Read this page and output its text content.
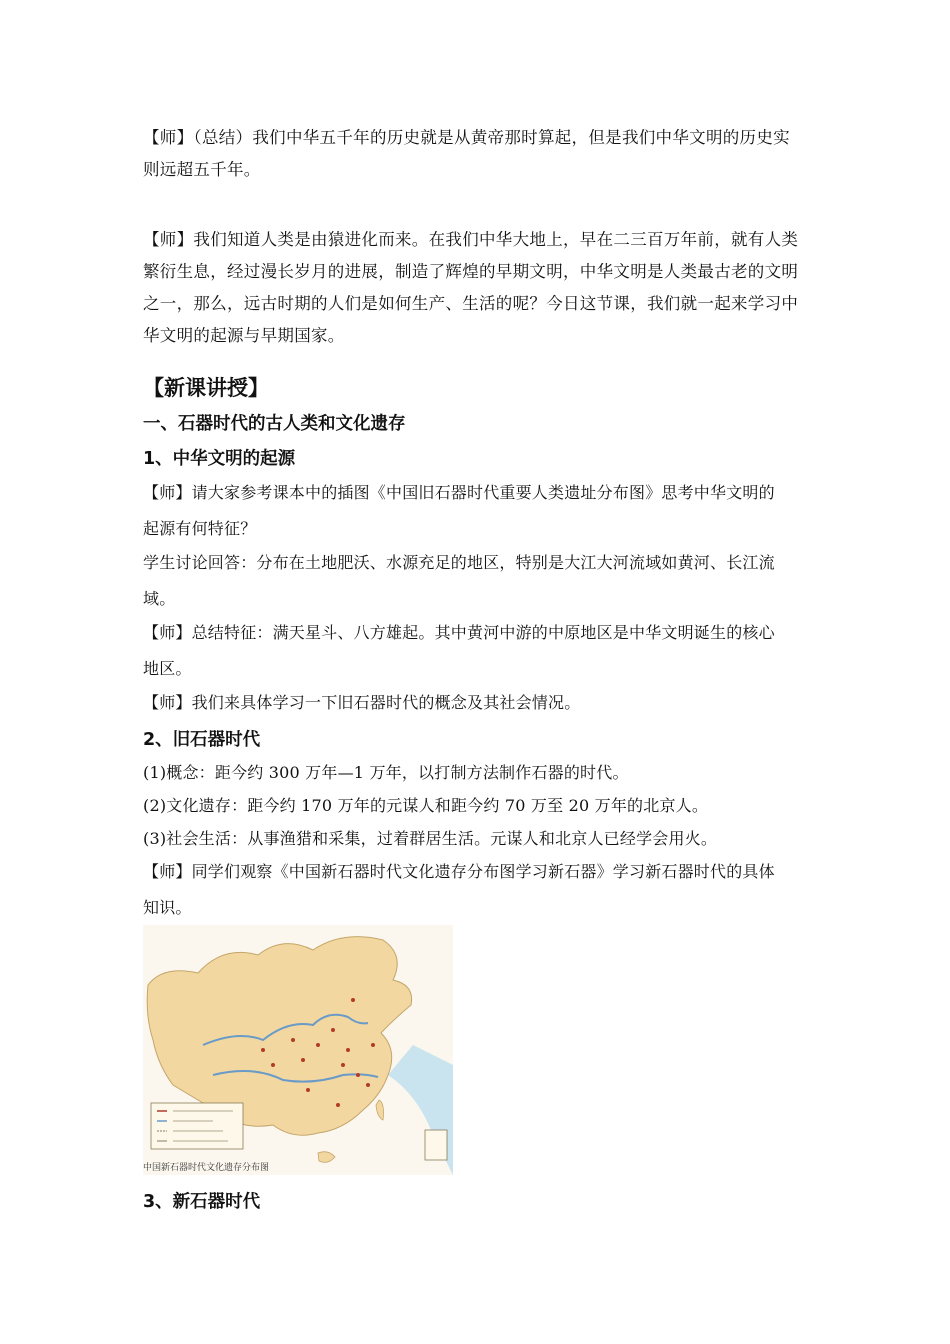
【师】（总结）我们中华五千年的历史就是从黄帝那时算起，但是我们中华文明的历史实
则远超五千年。
【师】我们知道人类是由猿进化而来。在我们中华大地上，早在二三百万年前，就有人类
繁衍生息，经过漫长岁月的进展，制造了辉煌的早期文明，中华文明是人类最古老的文明
之一，那么，远古时期的人们是如何生产、生活的呢？今日这节课，我们就一起来学习中
华文明的起源与早期国家。
【新课讲授】
一、石器时代的古人类和文化遗存
1、中华文明的起源
【师】请大家参考课本中的插图《中国旧石器时代重要人类遗址分布图》思考中华文明的
起源有何特征？
学生讨论回答：分布在土地肥沃、水源充足的地区，特别是大江大河流域如黄河、长江流
域。
【师】总结特征：满天星斗、八方雄起。其中黄河中游的中原地区是中华文明诞生的核心
地区。
【师】我们来具体学习一下旧石器时代的概念及其社会情况。
2、旧石器时代
(1)概念：距今约 300 万年—1 万年，以打制方法制作石器的时代。
(2)文化遗存：距今约 170 万年的元谋人和距今约 70 万至 20 万年的北京人。
(3)社会生活：从事渔猎和采集，过着群居生活。元谋人和北京人已经学会用火。
【师】同学们观察《中国新石器时代文化遗存分布图学习新石器》学习新石器时代的具体
知识。
中国新石器时代文化遗存分布图
3、新石器时代
